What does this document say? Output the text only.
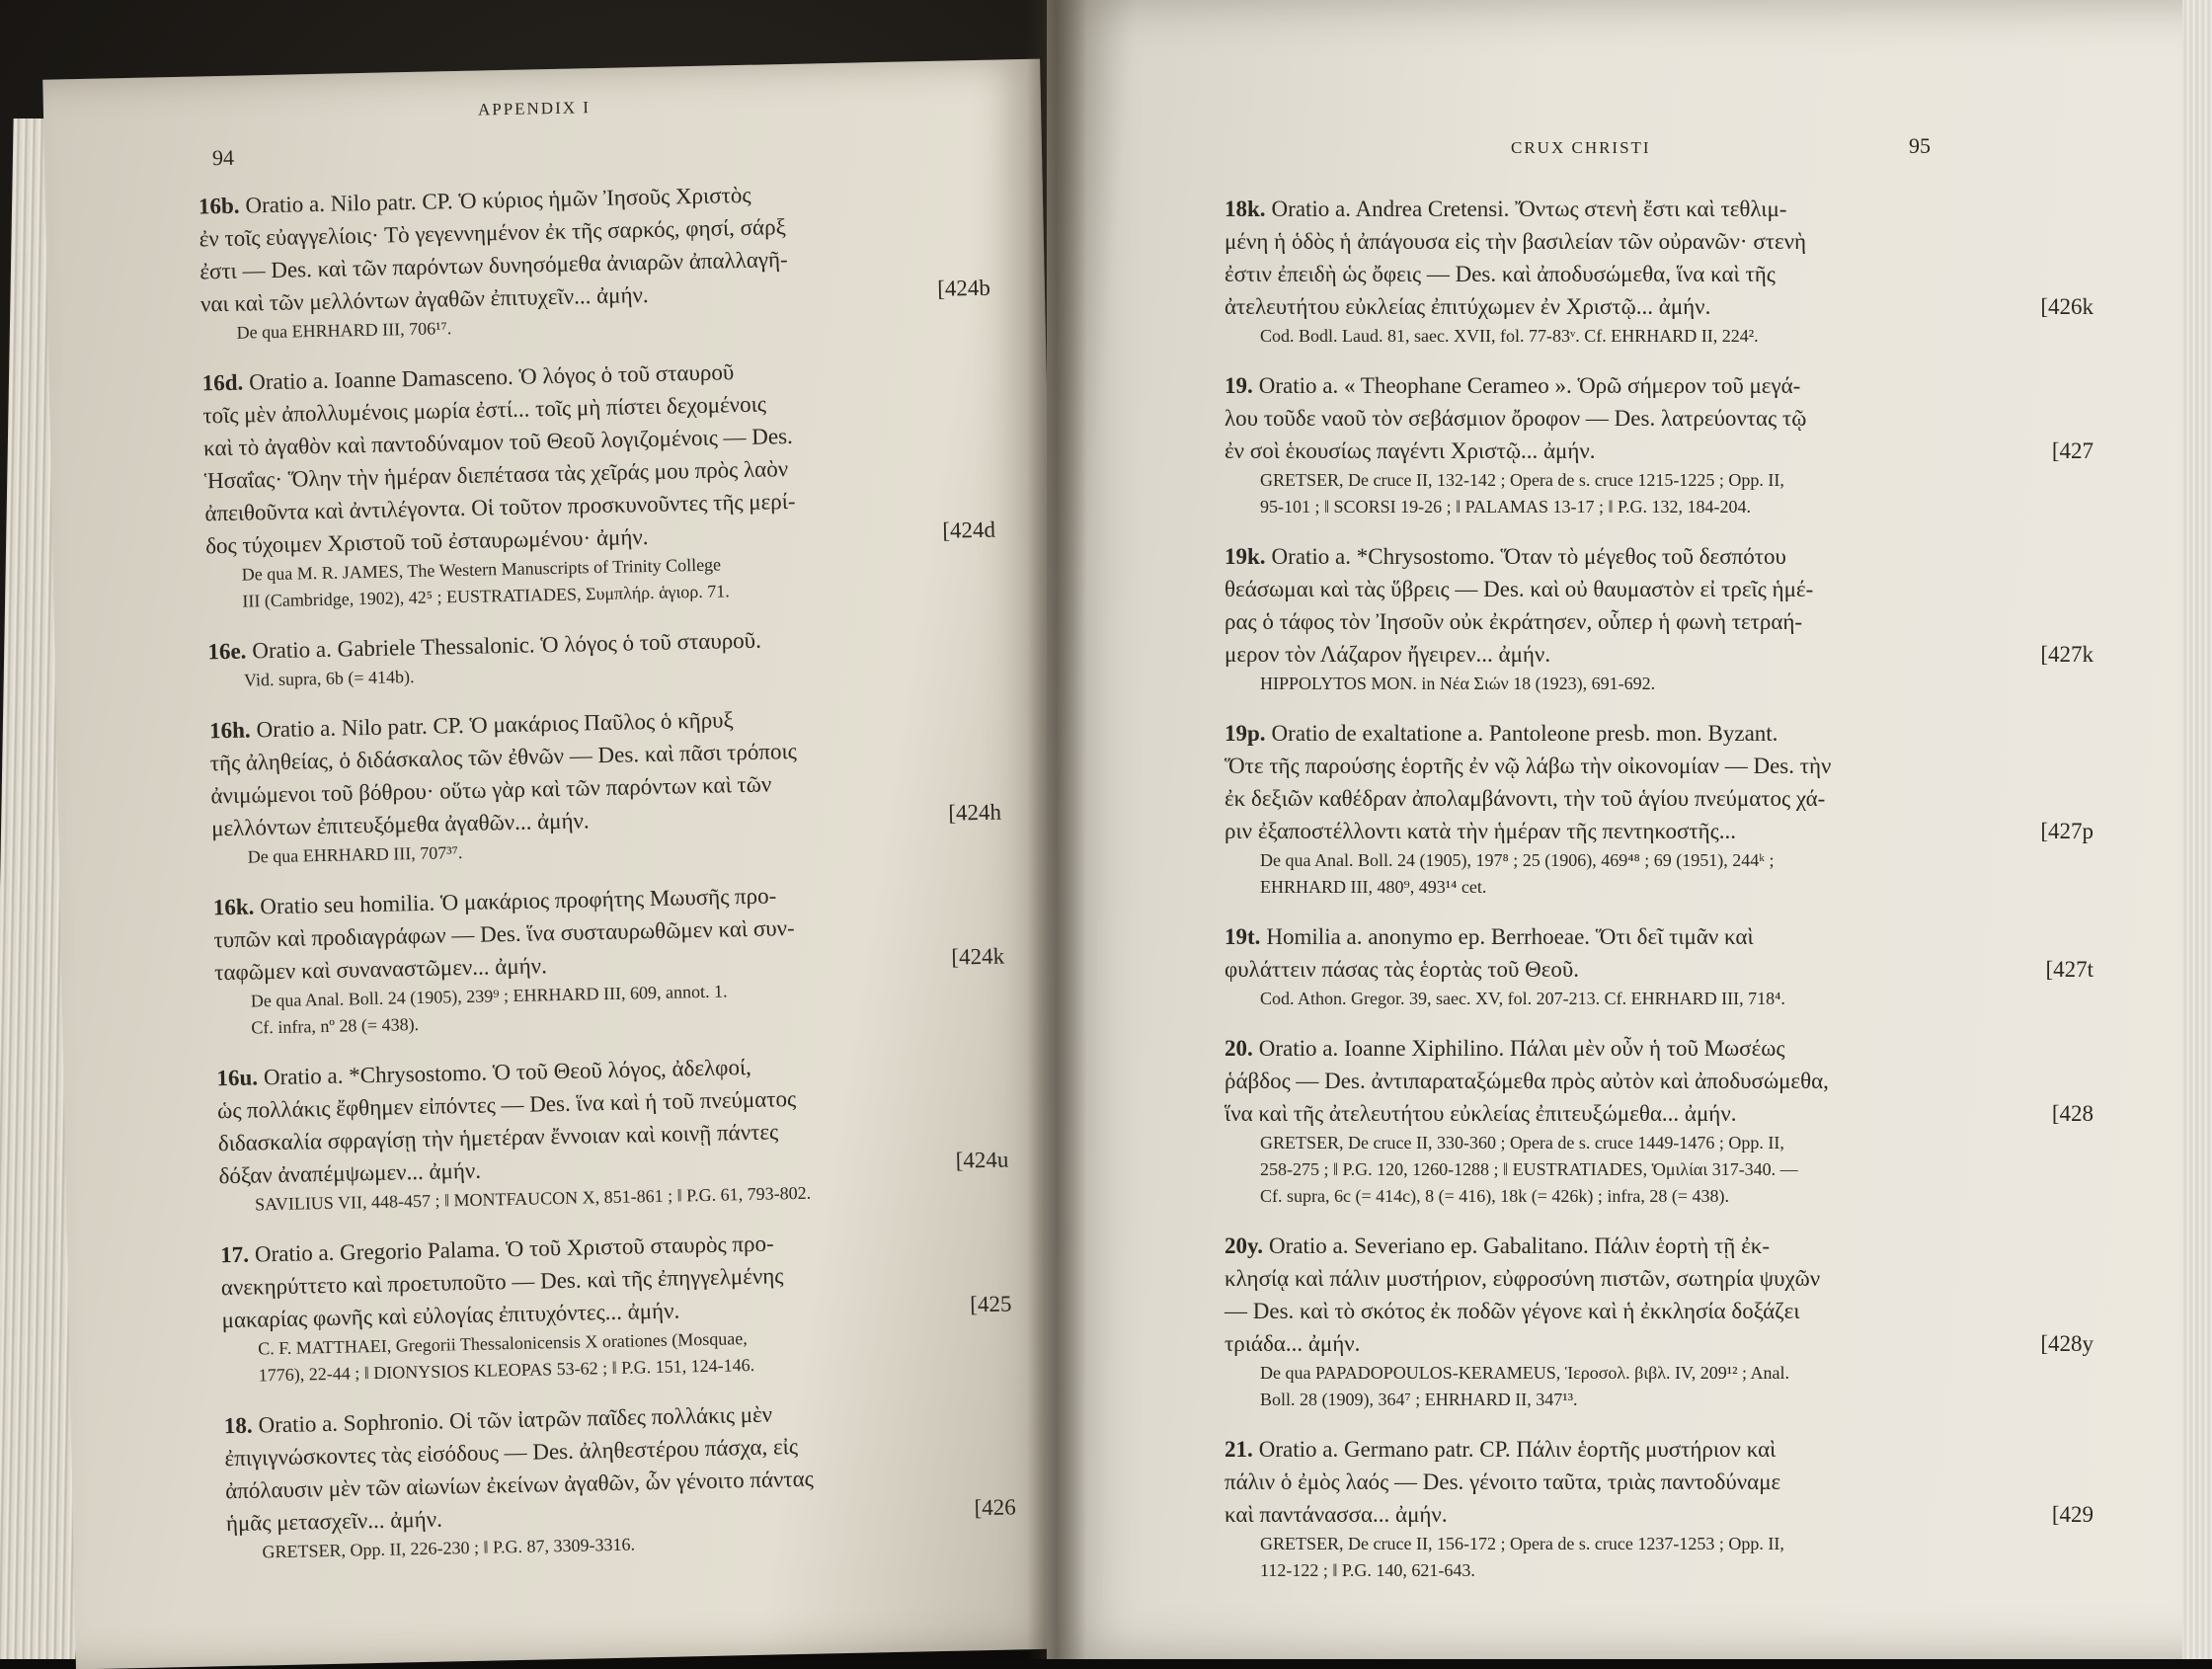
APPENDIX I
94
16b. Oratio a. Nilo patr. CP. Ὁ κύριος ἡμῶν Ἰησοῦς Χριστὸς
ἐν τοῖς εὐαγγελίοις· Τὸ γεγεννημένον ἐκ τῆς σαρκός, φησί, σάρξ
ἐστι — Des. καὶ τῶν παρόντων δυνησόμεθα ἀνιαρῶν ἀπαλλαγῆ-
ναι καὶ τῶν μελλόντων ἀγαθῶν ἐπιτυχεῖν... ἀμήν.	[424b
De qua EHRHARD III, 706¹⁷.
16d. Oratio a. Ioanne Damasceno. Ὁ λόγος ὁ τοῦ σταυροῦ
τοῖς μὲν ἀπολλυμένοις μωρία ἐστί... τοῖς μὴ πίστει δεχομένοις
καὶ τὸ ἀγαθὸν καὶ παντοδύναμον τοῦ Θεοῦ λογιζομένοις — Des.
Ἡσαΐας· Ὅλην τὴν ἡμέραν διεπέτασα τὰς χεῖράς μου πρὸς λαὸν
ἀπειθοῦντα καὶ ἀντιλέγοντα. Οἱ τοῦτον προσκυνοῦντες τῆς μερί-
δος τύχοιμεν Χριστοῦ τοῦ ἐσταυρωμένου· ἀμήν.	[424d
De qua M. R. JAMES, The Western Manuscripts of Trinity College
III (Cambridge, 1902), 42⁵ ; EUSTRATIADES, Συμπλήρ. ἁγιορ. 71.
16e. Oratio a. Gabriele Thessalonic. Ὁ λόγος ὁ τοῦ σταυροῦ.
Vid. supra, 6b (= 414b).
16h. Oratio a. Nilo patr. CP. Ὁ μακάριος Παῦλος ὁ κῆρυξ
τῆς ἀληθείας, ὁ διδάσκαλος τῶν ἐθνῶν — Des. καὶ πᾶσι τρόποις
ἀνιμώμενοι τοῦ βόθρου· οὕτω γὰρ καὶ τῶν παρόντων καὶ τῶν
μελλόντων ἐπιτευξόμεθα ἀγαθῶν... ἀμήν.	[424h
De qua EHRHARD III, 707³⁷.
16k. Oratio seu homilia. Ὁ μακάριος προφήτης Μωυσῆς προ-
τυπῶν καὶ προδιαγράφων — Des. ἵνα συσταυρωθῶμεν καὶ συν-
ταφῶμεν καὶ συναναστῶμεν... ἀμήν.	[424k
De qua Anal. Boll. 24 (1905), 239⁹ ; EHRHARD III, 609, annot. 1.
Cf. infra, nº 28 (= 438).
16u. Oratio a. *Chrysostomo. Ὁ τοῦ Θεοῦ λόγος, ἀδελφοί,
ὡς πολλάκις ἔφθημεν εἰπόντες — Des. ἵνα καὶ ἡ τοῦ πνεύματος
διδασκαλία σφραγίσῃ τὴν ἡμετέραν ἔννοιαν καὶ κοινῇ πάντες
δόξαν ἀναπέμψωμεν... ἀμήν.	[424u
SAVILIUS VII, 448-457 ; ‖ MONTFAUCON X, 851-861 ; ‖ P.G. 61, 793-802.
17. Oratio a. Gregorio Palama. Ὁ τοῦ Χριστοῦ σταυρὸς προ-
ανεκηρύττετο καὶ προετυποῦτο — Des. καὶ τῆς ἐπηγγελμένης
μακαρίας φωνῆς καὶ εὐλογίας ἐπιτυχόντες... ἀμήν.	[425
C. F. MATTHAEI, Gregorii Thessalonicensis X orationes (Mosquae,
1776), 22-44 ; ‖ DIONYSIOS KLEOPAS 53-62 ; ‖ P.G. 151, 124-146.
18. Oratio a. Sophronio. Οἱ τῶν ἰατρῶν παῖδες πολλάκις μὲν
ἐπιγιγνώσκοντες τὰς εἰσόδους — Des. ἀληθεστέρου πάσχα, εἰς
ἀπόλαυσιν μὲν τῶν αἰωνίων ἐκείνων ἀγαθῶν, ὧν γένοιτο πάντας
ἡμᾶς μετασχεῖν... ἀμήν.	[426
GRETSER, Opp. II, 226-230 ; ‖ P.G. 87, 3309-3316.
CRUX CHRISTI	95
18k. Oratio a. Andrea Cretensi. Ὄντως στενὴ ἔστι καὶ τεθλιμ-
μένη ἡ ὁδὸς ἡ ἀπάγουσα εἰς τὴν βασιλείαν τῶν οὐρανῶν· στενὴ
ἐστιν ἐπειδὴ ὡς ὄφεις — Des. καὶ ἀποδυσώμεθα, ἵνα καὶ τῆς
ἀτελευτήτου εὐκλείας ἐπιτύχωμεν ἐν Χριστῷ... ἀμήν.	[426k
Cod. Bodl. Laud. 81, saec. XVII, fol. 77-83ᵛ. Cf. EHRHARD II, 224².
19. Oratio a. « Theophane Cerameo ». Ὁρῶ σήμερον τοῦ μεγά-
λου τοῦδε ναοῦ τὸν σεβάσμιον ὄροφον — Des. λατρεύοντας τῷ
ἐν σοὶ ἑκουσίως παγέντι Χριστῷ... ἀμήν.	[427
GRETSER, De cruce II, 132-142 ; Opera de s. cruce 1215-1225 ; Opp. II,
95-101 ; ‖ SCORSI 19-26 ; ‖ PALAMAS 13-17 ; ‖ P.G. 132, 184-204.
19k. Oratio a. *Chrysostomo. Ὅταν τὸ μέγεθος τοῦ δεσπότου
θεάσωμαι καὶ τὰς ὕβρεις — Des. καὶ οὐ θαυμαστὸν εἰ τρεῖς ἡμέ-
ρας ὁ τάφος τὸν Ἰησοῦν οὐκ ἐκράτησεν, οὗπερ ἡ φωνὴ τετραή-
μερον τὸν Λάζαρον ἤγειρεν... ἀμήν.	[427k
HIPPOLYTOS MON. in Νέα Σιών 18 (1923), 691-692.
19p. Oratio de exaltatione a. Pantoleone presb. mon. Byzant.
Ὅτε τῆς παρούσης ἑορτῆς ἐν νῷ λάβω τὴν οἰκονομίαν — Des. τὴν
ἐκ δεξιῶν καθέδραν ἀπολαμβάνοντι, τὴν τοῦ ἁγίου πνεύματος χά-
ριν ἐξαποστέλλοντι κατὰ τὴν ἡμέραν τῆς πεντηκοστῆς...	[427p
De qua Anal. Boll. 24 (1905), 197⁸ ; 25 (1906), 469⁴⁸ ; 69 (1951), 244ᵏ ;
EHRHARD III, 480⁹, 493¹⁴ cet.
19t. Homilia a. anonymo ep. Berrhoeae. Ὅτι δεῖ τιμᾶν καὶ
φυλάττειν πάσας τὰς ἑορτὰς τοῦ Θεοῦ.	[427t
Cod. Athon. Gregor. 39, saec. XV, fol. 207-213. Cf. EHRHARD III, 718⁴.
20. Oratio a. Ioanne Xiphilino. Πάλαι μὲν οὖν ἡ τοῦ Μωσέως
ῥάβδος — Des. ἀντιπαραταξώμεθα πρὸς αὐτὸν καὶ ἀποδυσώμεθα,
ἵνα καὶ τῆς ἀτελευτήτου εὐκλείας ἐπιτευξώμεθα... ἀμήν.	[428
GRETSER, De cruce II, 330-360 ; Opera de s. cruce 1449-1476 ; Opp. II,
258-275 ; ‖ P.G. 120, 1260-1288 ; ‖ EUSTRATIADES, Ὁμιλίαι 317-340. —
Cf. supra, 6c (= 414c), 8 (= 416), 18k (= 426k) ; infra, 28 (= 438).
20y. Oratio a. Severiano ep. Gabalitano. Πάλιν ἑορτὴ τῇ ἐκ-
κλησίᾳ καὶ πάλιν μυστήριον, εὐφροσύνη πιστῶν, σωτηρία ψυχῶν
— Des. καὶ τὸ σκότος ἐκ ποδῶν γέγονε καὶ ἡ ἐκκλησία δοξάζει
τριάδα... ἀμήν.	[428y
De qua PAPADOPOULOS-KERAMEUS, Ἱεροσολ. βιβλ. IV, 209¹² ; Anal.
Boll. 28 (1909), 364⁷ ; EHRHARD II, 347¹³.
21. Oratio a. Germano patr. CP. Πάλιν ἑορτῆς μυστήριον καὶ
πάλιν ὁ ἐμὸς λαός — Des. γένοιτο ταῦτα, τριὰς παντοδύναμε
καὶ παντάνασσα... ἀμήν.	[429
GRETSER, De cruce II, 156-172 ; Opera de s. cruce 1237-1253 ; Opp. II,
112-122 ; ‖ P.G. 140, 621-643.
